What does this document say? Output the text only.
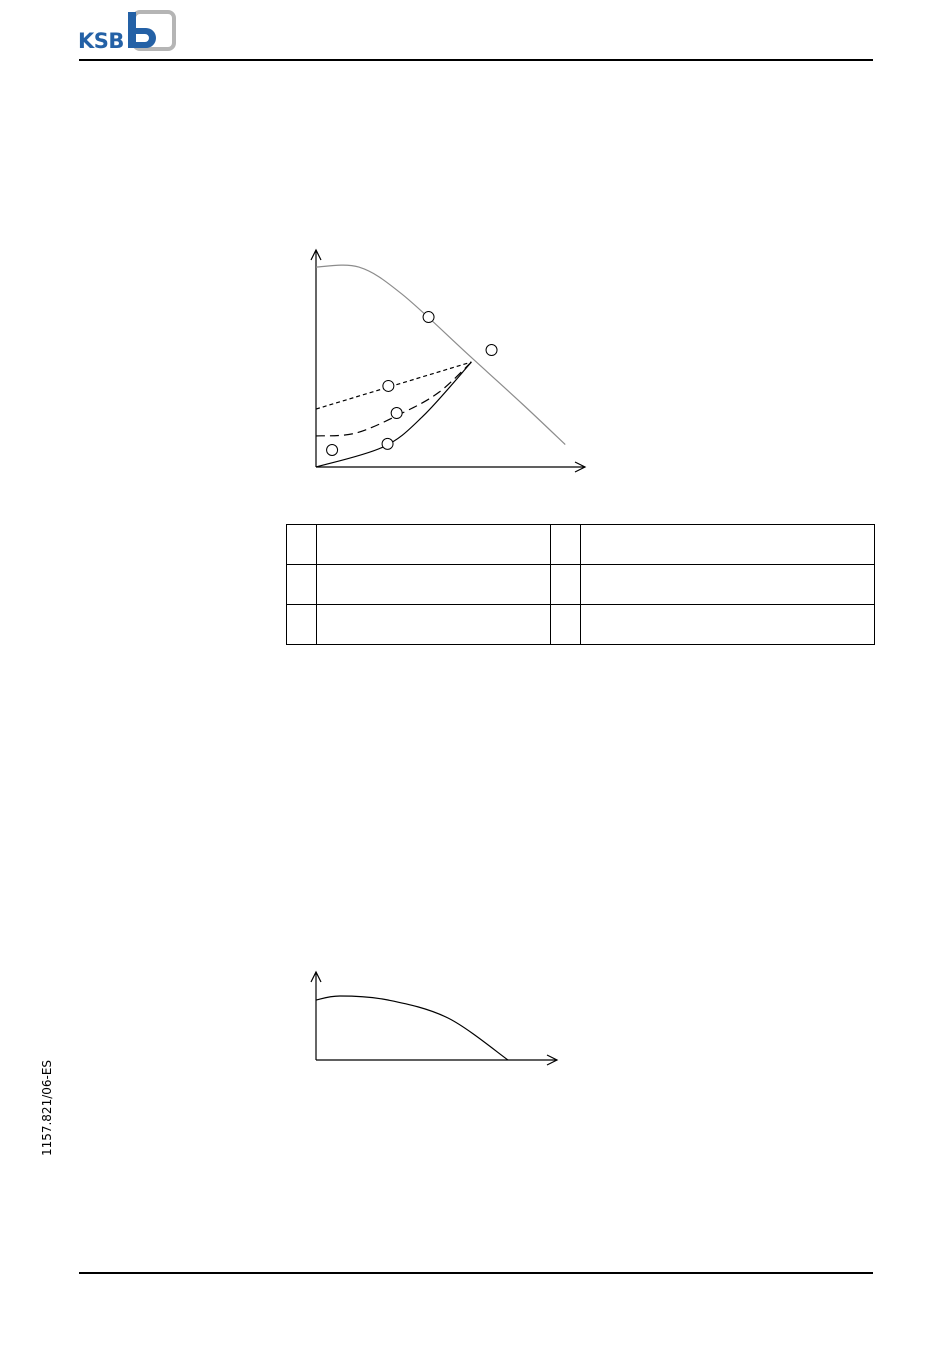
KSB

1157.821/06-ES
